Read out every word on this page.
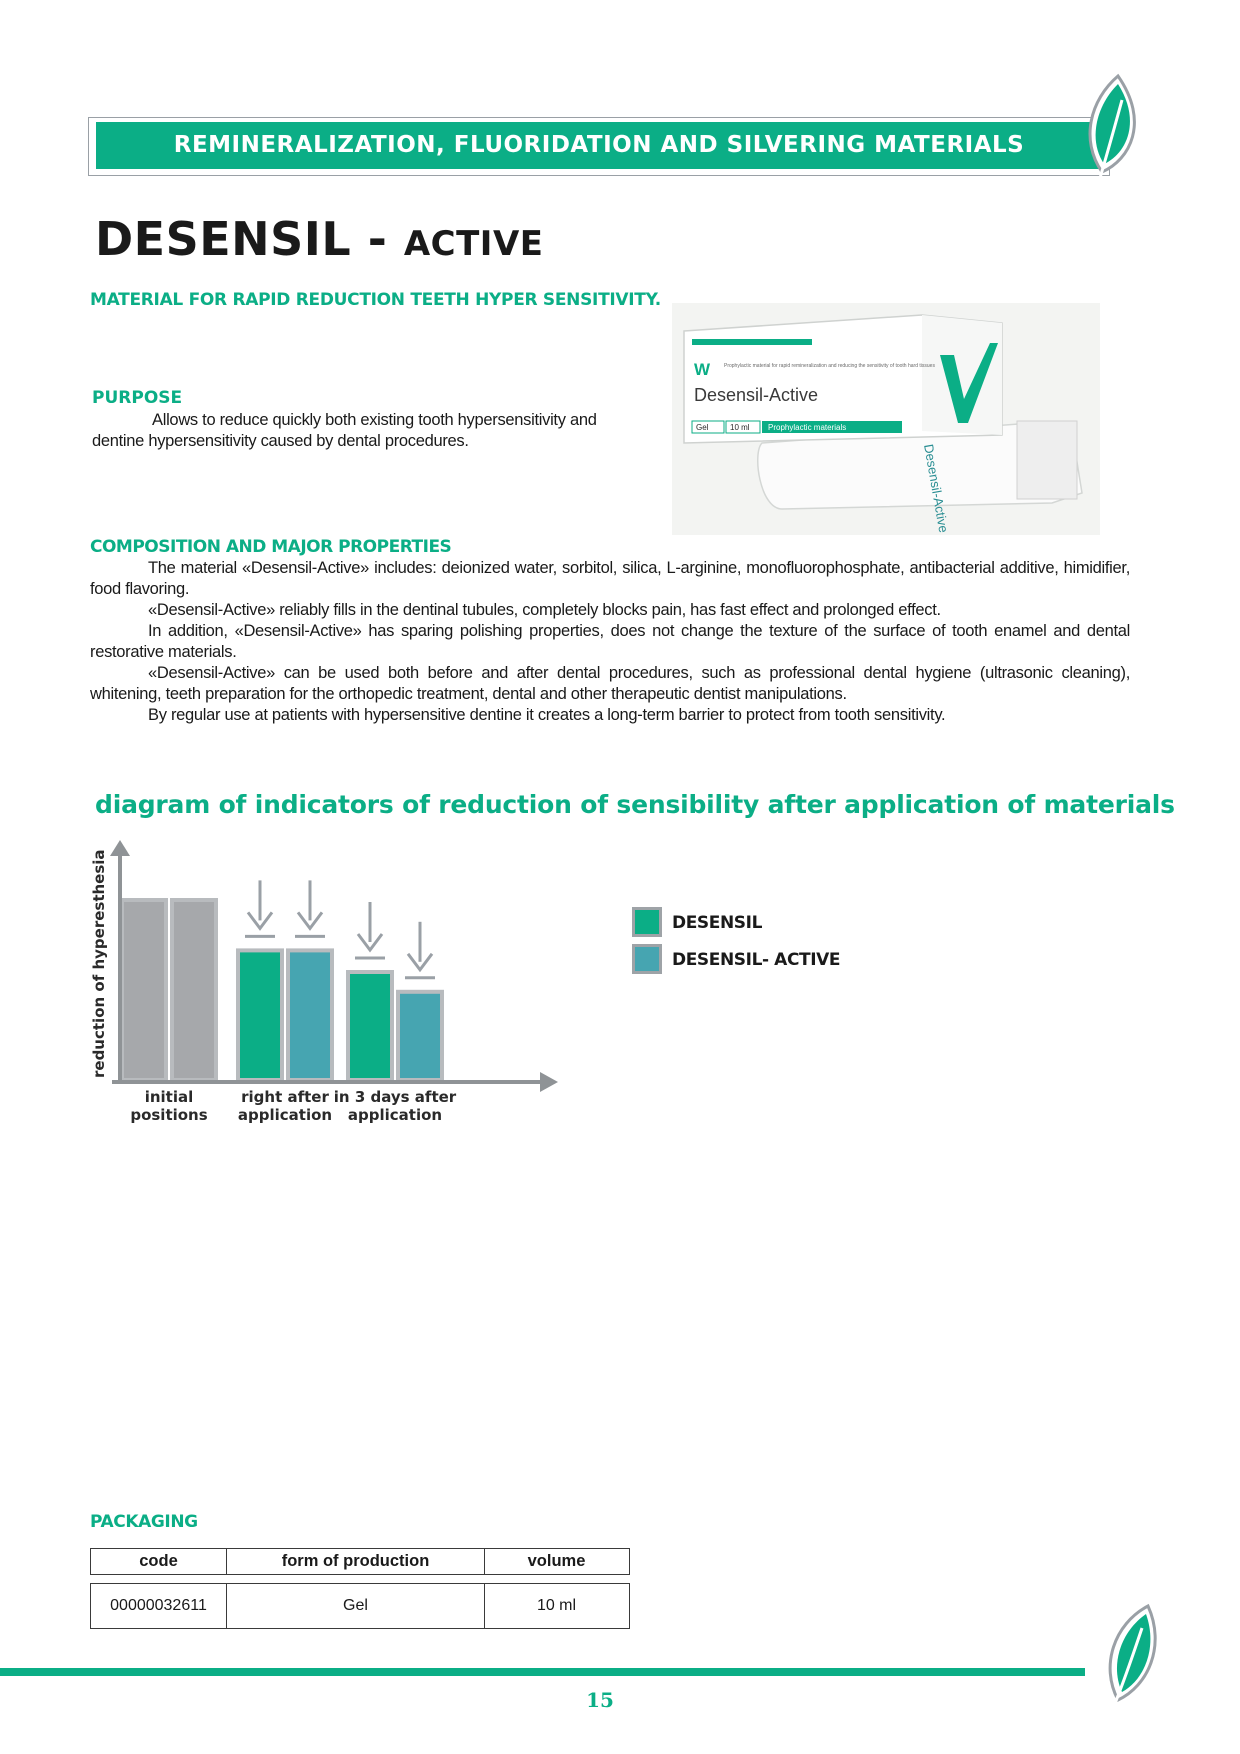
REMINERALIZATION, FLUORIDATION AND SILVERING MATERIALS
DESENSIL - ACTIVE
MATERIAL FOR RAPID REDUCTION TEETH HYPER SENSITIVITY.
Desensil-Active
W	Prophylactic material for rapid remineralization and reducing the sensitivity of tooth hard tissues
Desensil-Active
Gel	10 ml Prophylactic materials
PURPOSE
Allows to reduce quickly both existing tooth hypersensitivity and dentine hypersensitivity caused by dental procedures.
COMPOSITION AND MAJOR PROPERTIES

The material «Desensil-Active» includes: deionized water, sorbitol, silica, L-arginine, monofluorophosphate, antibacterial additive, himidifier, food flavoring.

«Desensil-Active» reliably fills in the dentinal tubules, completely blocks pain, has fast effect and prolonged effect.

In addition, «Desensil-Active» has sparing polishing properties, does not change the texture of the surface of tooth enamel and dental restorative materials.

«Desensil-Active» can be used both before and after dental procedures, such as professional dental hygiene (ultrasonic cleaning), whitening, teeth preparation for the orthopedic treatment, dental and other therapeutic dentist manipulations.

By regular use at patients with hypersensitive dentine it creates a long-term barrier to protect from tooth sensitivity.

diagram of indicators of reduction of sensibility after application of materials
reduction of hyperesthesia
initial
positions
right after
application
in 3 days after
application
DESENSIL
DESENSIL- ACTIVE
PACKAGING
code	form of production	volume
00000032611	Gel	10 ml
15
